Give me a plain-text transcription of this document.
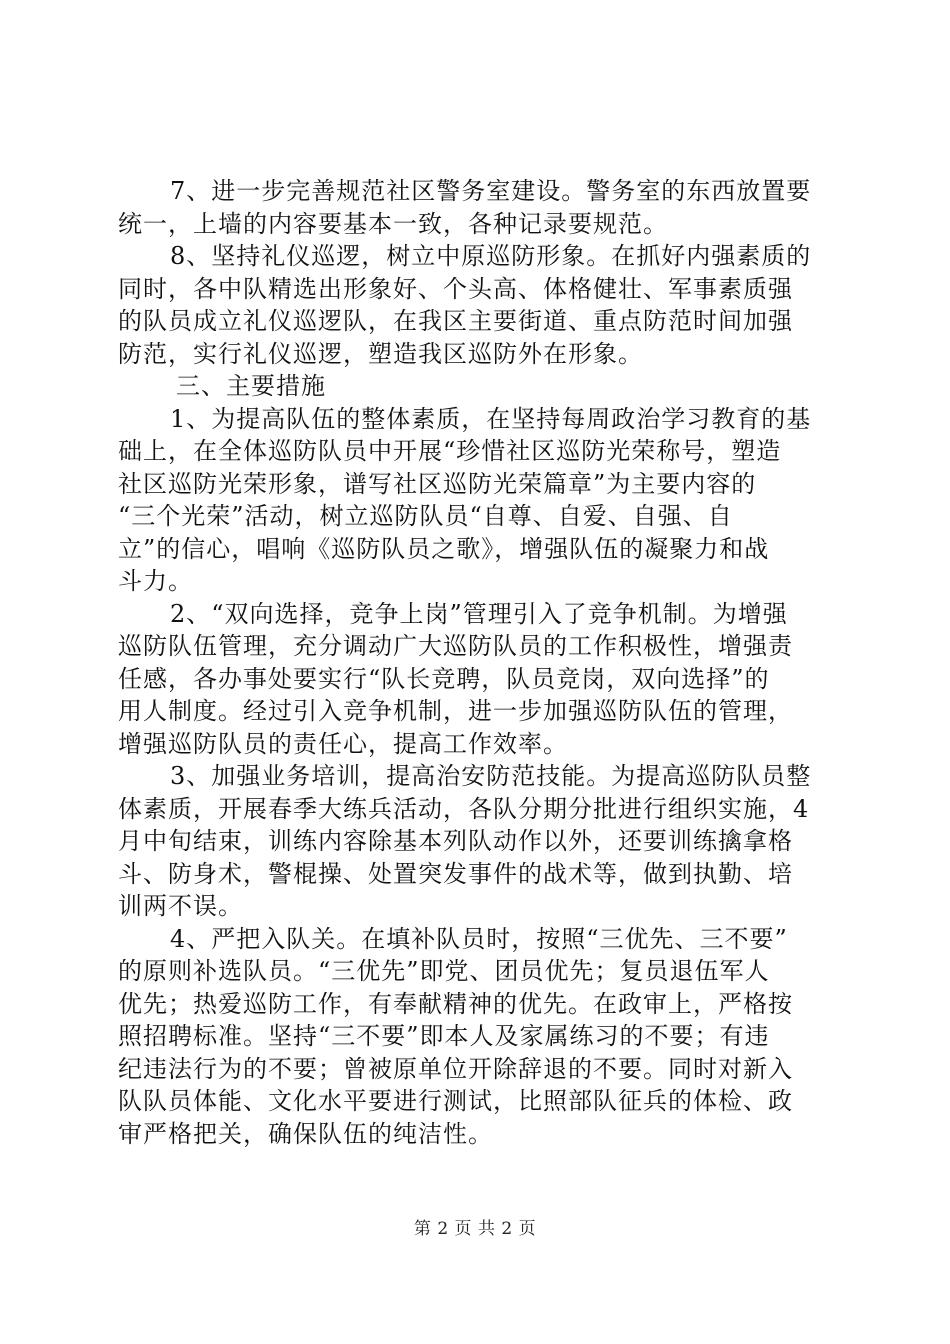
7、进一步完善规范社区警务室建设。警务室的东西放置要
统一，上墙的内容要基本一致，各种记录要规范。

8、坚持礼仪巡逻，树立中原巡防形象。在抓好内强素质的
同时，各中队精选出形象好、个头高、体格健壮、军事素质强
的队员成立礼仪巡逻队，在我区主要街道、重点防范时间加强
防范，实行礼仪巡逻，塑造我区巡防外在形象。

三、主要措施

1、为提高队伍的整体素质，在坚持每周政治学习教育的基
础上，在全体巡防队员中开展“珍惜社区巡防光荣称号，塑造
社区巡防光荣形象，谱写社区巡防光荣篇章”为主要内容的
“三个光荣”活动，树立巡防队员“自尊、自爱、自强、自
立”的信心，唱响《巡防队员之歌》，增强队伍的凝聚力和战
斗力。

2、“双向选择，竞争上岗”管理引入了竞争机制。为增强
巡防队伍管理，充分调动广大巡防队员的工作积极性，增强责
任感，各办事处要实行“队长竞聘，队员竞岗，双向选择”的
用人制度。经过引入竞争机制，进一步加强巡防队伍的管理，
增强巡防队员的责任心，提高工作效率。

3、加强业务培训，提高治安防范技能。为提高巡防队员整
体素质，开展春季大练兵活动，各队分期分批进行组织实施，4
月中旬结束，训练内容除基本列队动作以外，还要训练擒拿格
斗、防身术，警棍操、处置突发事件的战术等，做到执勤、培
训两不误。

4、严把入队关。在填补队员时，按照“三优先、三不要”
的原则补选队员。“三优先”即党、团员优先；复员退伍军人
优先；热爱巡防工作，有奉献精神的优先。在政审上，严格按
照招聘标准。坚持“三不要”即本人及家属练习的不要；有违
纪违法行为的不要；曾被原单位开除辞退的不要。同时对新入
队队员体能、文化水平要进行测试，比照部队征兵的体检、政
审严格把关，确保队伍的纯洁性。

第 2 页 共 2 页
